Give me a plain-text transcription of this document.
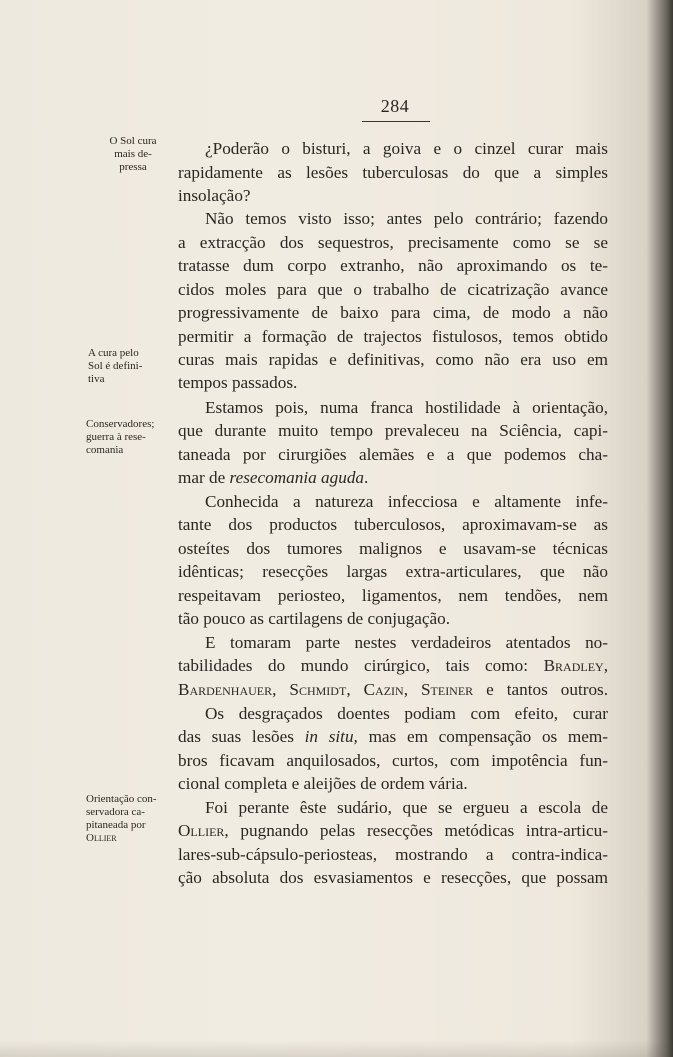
284
O Sol cura
mais de-
pressa
A cura pelo
Sol é defini-
tiva
Conservadores;
guerra à rese-
comania
Orientação con-
servadora ca-
pitaneada por
Ollier
¿Poderão o bisturi, a goiva e o cinzel curar mais
rapidamente as lesões tuberculosas do que a simples
insolação?
Não temos visto isso; antes pelo contrário; fazendo
a extracção dos sequestros, precisamente como se se
tratasse dum corpo extranho, não aproximando os te-
cidos moles para que o trabalho de cicatrização avance
progressivamente de baixo para cima, de modo a não
permitir a formação de trajectos fistulosos, temos obtido
curas mais rapidas e definitivas, como não era uso em
tempos passados.
Estamos pois, numa franca hostilidade à orientação,
que durante muito tempo prevaleceu na Sciência, capi-
taneada por cirurgiões alemães e a que podemos cha-
mar de resecomania aguda.
Conhecida a natureza infecciosa e altamente infe-
tante dos productos tuberculosos, aproximavam-se as
osteítes dos tumores malignos e usavam-se técnicas
idênticas; resecções largas extra-articulares, que não
respeitavam periosteo, ligamentos, nem tendões, nem
tão pouco as cartilagens de conjugação.
E tomaram parte nestes verdadeiros atentados no-
tabilidades do mundo cirúrgico, tais como: Bradley,
Bardenhauer, Schmidt, Cazin, Steiner e tantos outros.
Os desgraçados doentes podiam com efeito, curar
das suas lesões in situ, mas em compensação os mem-
bros ficavam anquilosados, curtos, com impotência fun-
cional completa e aleijões de ordem vária.
Foi perante êste sudário, que se ergueu a escola de
Ollier, pugnando pelas resecções metódicas intra-articu-
lares-sub-cápsulo-periosteas, mostrando a contra-indica-
ção absoluta dos esvasiamentos e resecções, que possam
